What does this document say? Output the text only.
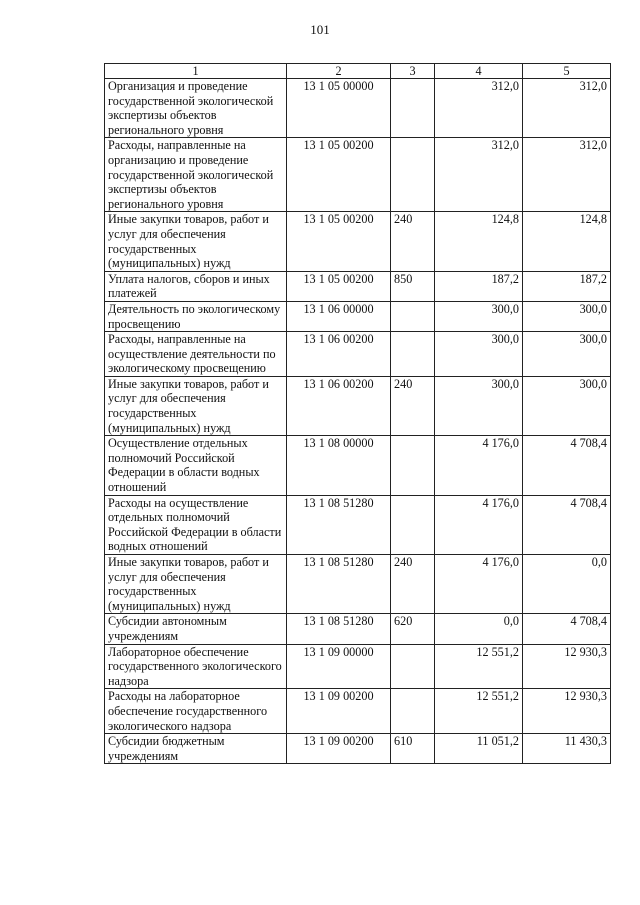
101
1	2	3	4	5
Организация и проведение государственной экологической экспертизы объектов регионального уровня	13 1 05 00000		312,0	312,0
Расходы, направленные на организацию и проведение государственной экологической экспертизы объектов регионального уровня	13 1 05 00200		312,0	312,0
Иные закупки товаров, работ и услуг для обеспечения государственных (муниципальных) нужд	13 1 05 00200	240	124,8	124,8
Уплата налогов, сборов и иных платежей	13 1 05 00200	850	187,2	187,2
Деятельность по экологическому просвещению	13 1 06 00000		300,0	300,0
Расходы, направленные на осуществление деятельности по экологическому просвещению	13 1 06 00200		300,0	300,0
Иные закупки товаров, работ и услуг для обеспечения государственных (муниципальных) нужд	13 1 06 00200	240	300,0	300,0
Осуществление отдельных полномочий Российской Федерации в области водных отношений	13 1 08 00000		4 176,0	4 708,4
Расходы на осуществление отдельных полномочий Российской Федерации в области водных отношений	13 1 08 51280		4 176,0	4 708,4
Иные закупки товаров, работ и услуг для обеспечения государственных (муниципальных) нужд	13 1 08 51280	240	4 176,0	0,0
Субсидии автономным учреждениям	13 1 08 51280	620	0,0	4 708,4
Лабораторное обеспечение государственного экологического надзора	13 1 09 00000		12 551,2	12 930,3
Расходы на лабораторное обеспечение государственного экологического надзора	13 1 09 00200		12 551,2	12 930,3
Субсидии бюджетным учреждениям	13 1 09 00200	610	11 051,2	11 430,3
